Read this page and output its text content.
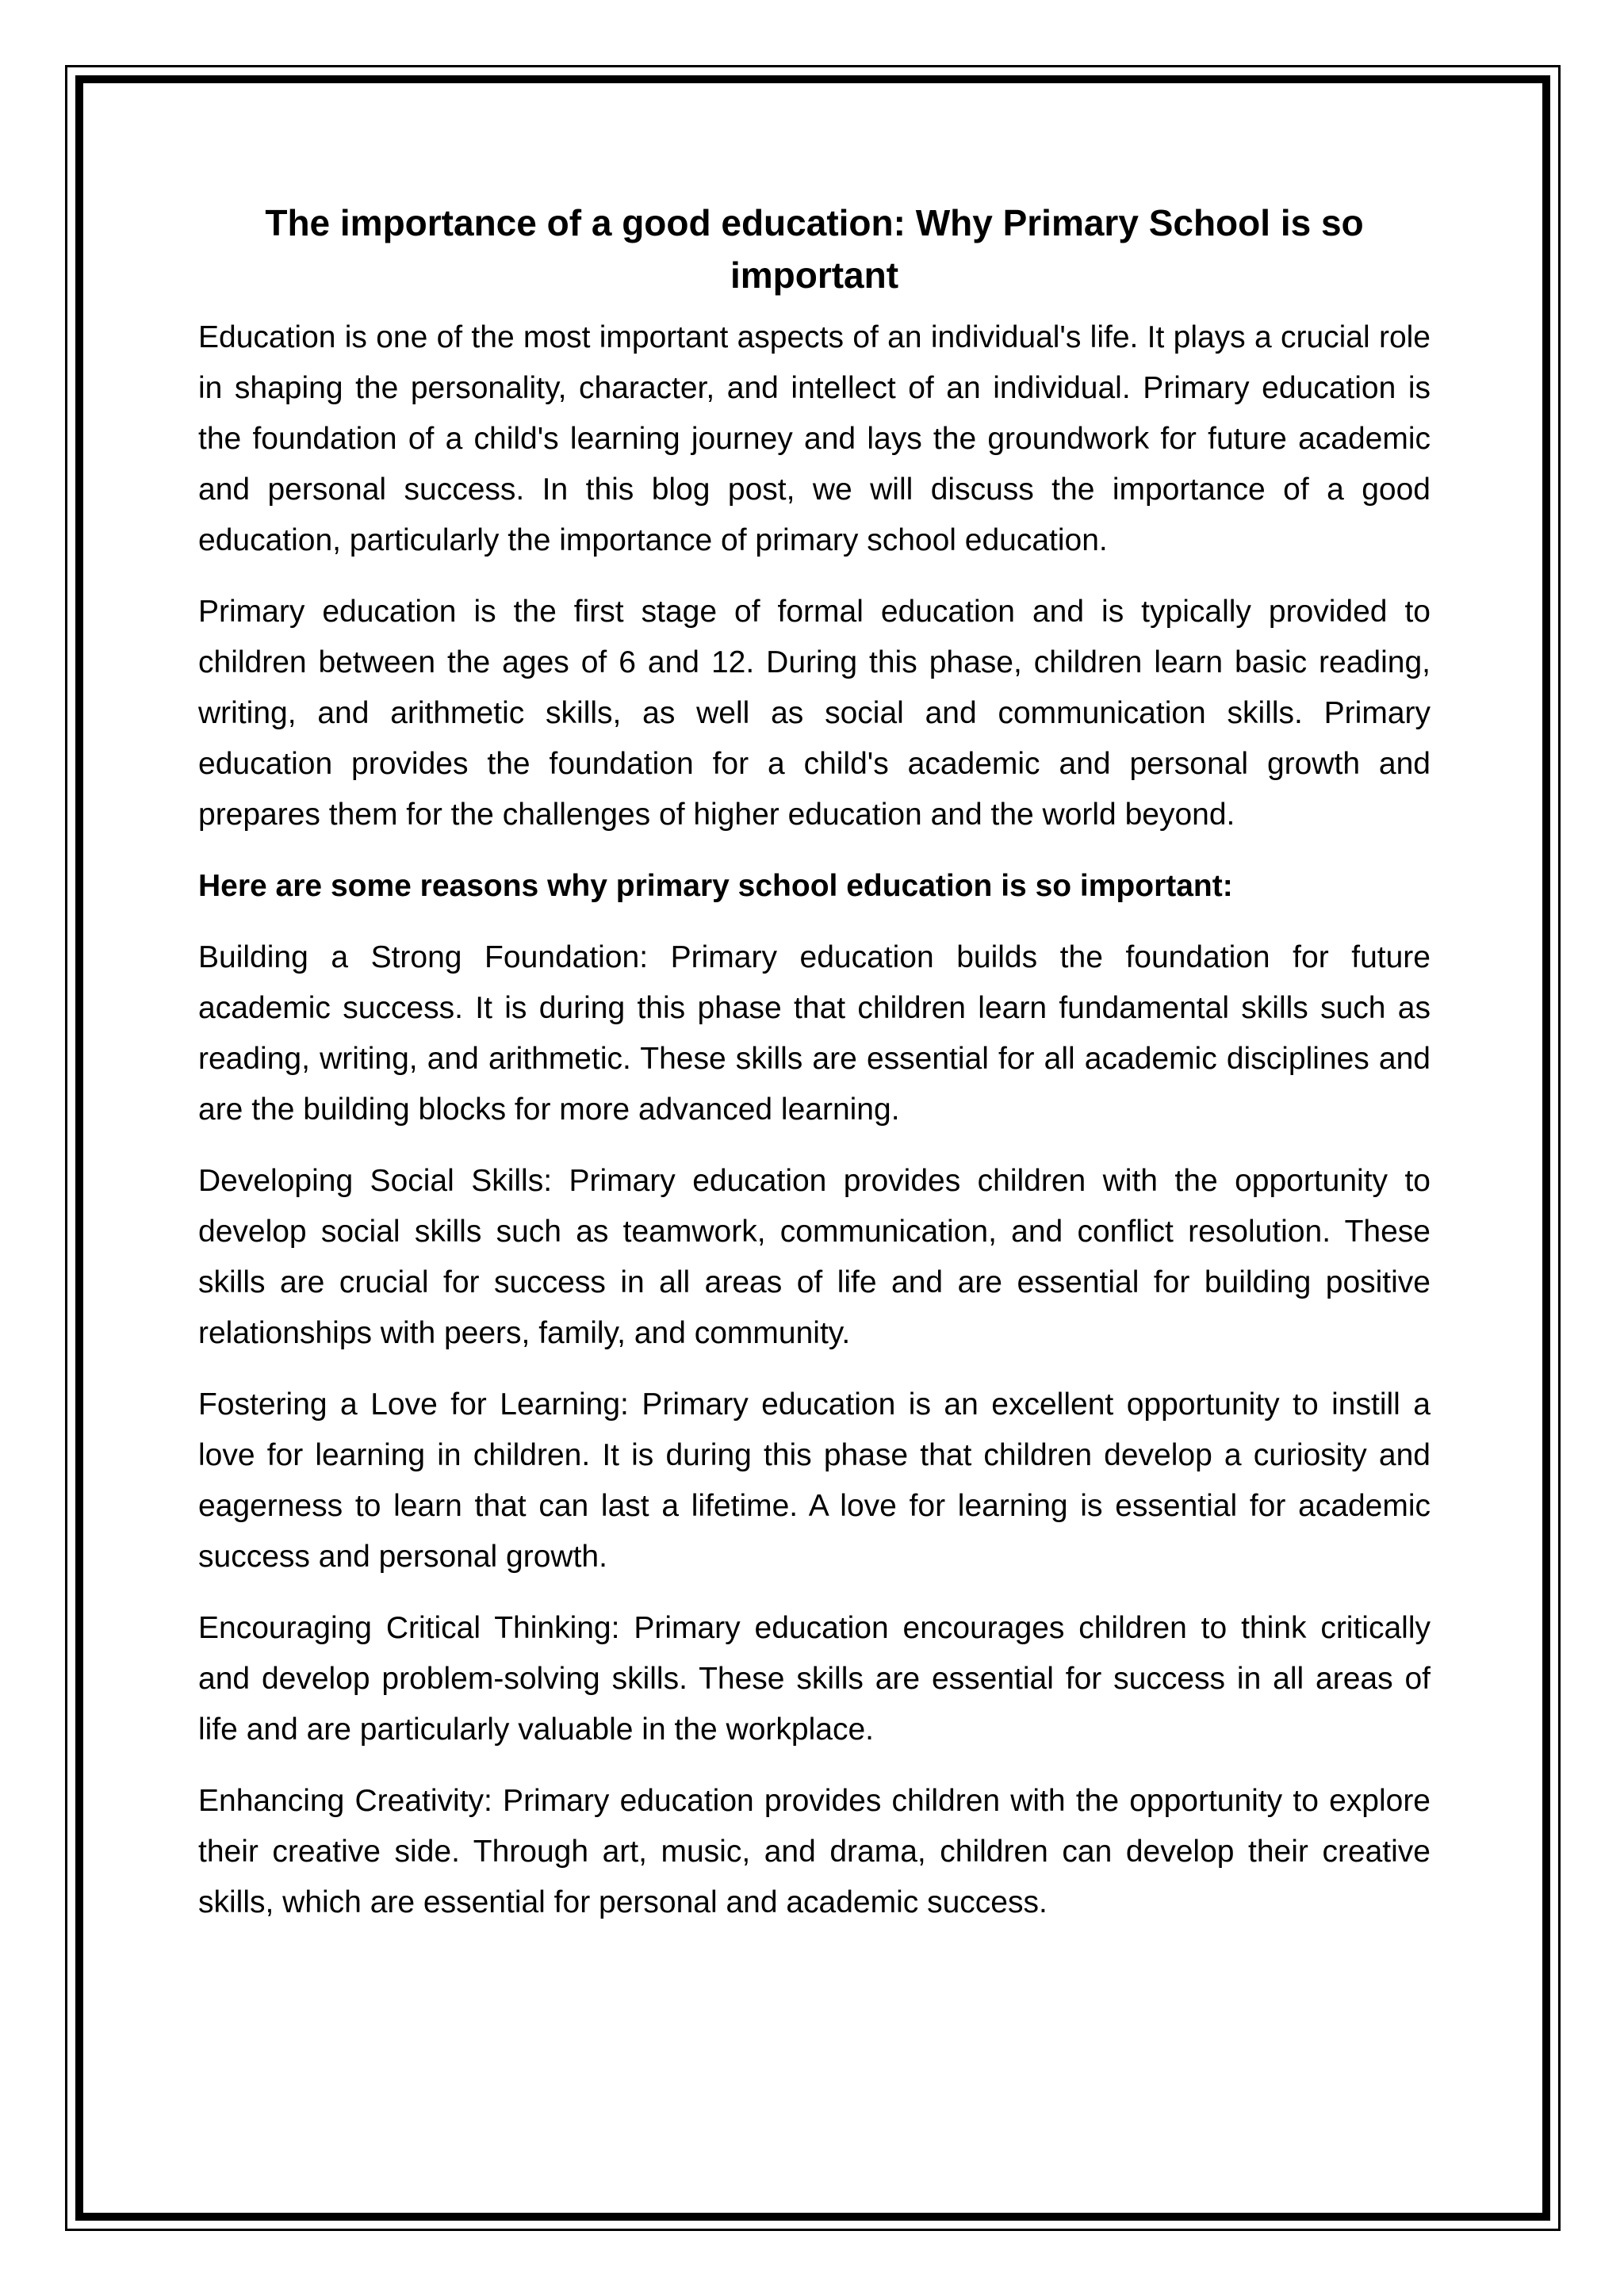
The importance of a good education: Why Primary School is so important

Education is one of the most important aspects of an individual's life. It plays a crucial role in shaping the personality, character, and intellect of an individual. Primary education is the foundation of a child's learning journey and lays the groundwork for future academic and personal success. In this blog post, we will discuss the importance of a good education, particularly the importance of primary school education.

Primary education is the first stage of formal education and is typically provided to children between the ages of 6 and 12. During this phase, children learn basic reading, writing, and arithmetic skills, as well as social and communication skills. Primary education provides the foundation for a child's academic and personal growth and prepares them for the challenges of higher education and the world beyond.

Here are some reasons why primary school education is so important:

Building a Strong Foundation: Primary education builds the foundation for future academic success. It is during this phase that children learn fundamental skills such as reading, writing, and arithmetic. These skills are essential for all academic disciplines and are the building blocks for more advanced learning.

Developing Social Skills: Primary education provides children with the opportunity to develop social skills such as teamwork, communication, and conflict resolution. These skills are crucial for success in all areas of life and are essential for building positive relationships with peers, family, and community.

Fostering a Love for Learning: Primary education is an excellent opportunity to instill a love for learning in children. It is during this phase that children develop a curiosity and eagerness to learn that can last a lifetime. A love for learning is essential for academic success and personal growth.

Encouraging Critical Thinking: Primary education encourages children to think critically and develop problem-solving skills. These skills are essential for success in all areas of life and are particularly valuable in the workplace.

Enhancing Creativity: Primary education provides children with the opportunity to explore their creative side. Through art, music, and drama, children can develop their creative skills, which are essential for personal and academic success.
